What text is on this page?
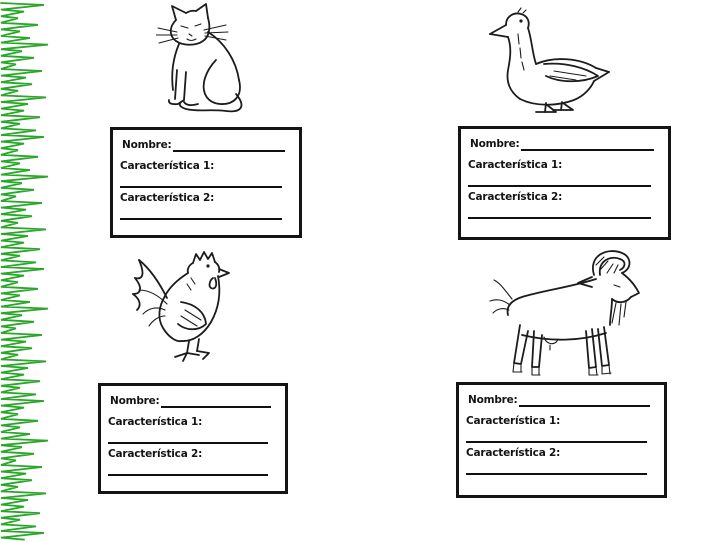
Nombre:
Característica 1:
Característica 2:
Nombre:
Característica 1:
Característica 2:
Nombre:
Característica 1:
Característica 2:
Nombre:
Característica 1:
Característica 2:
